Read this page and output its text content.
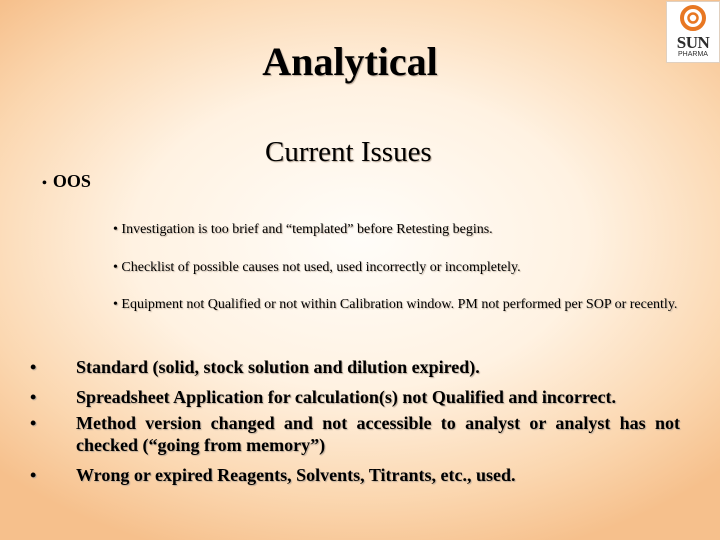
Analytical	SUN
PHARMA
Current Issues
• OOS
• Investigation is too brief and “templated” before Retesting begins.
• Checklist of possible causes not used, used incorrectly or incompletely.
• Equipment not Qualified or not within Calibration window. PM not performed per SOP or recently.
• Standard (solid, stock solution and dilution expired).
• Spreadsheet Application for calculation(s) not Qualified and incorrect.
• Method version changed and not accessible to analyst or analyst has not checked (“going from memory”)
• Wrong or expired Reagents, Solvents, Titrants, etc., used.
